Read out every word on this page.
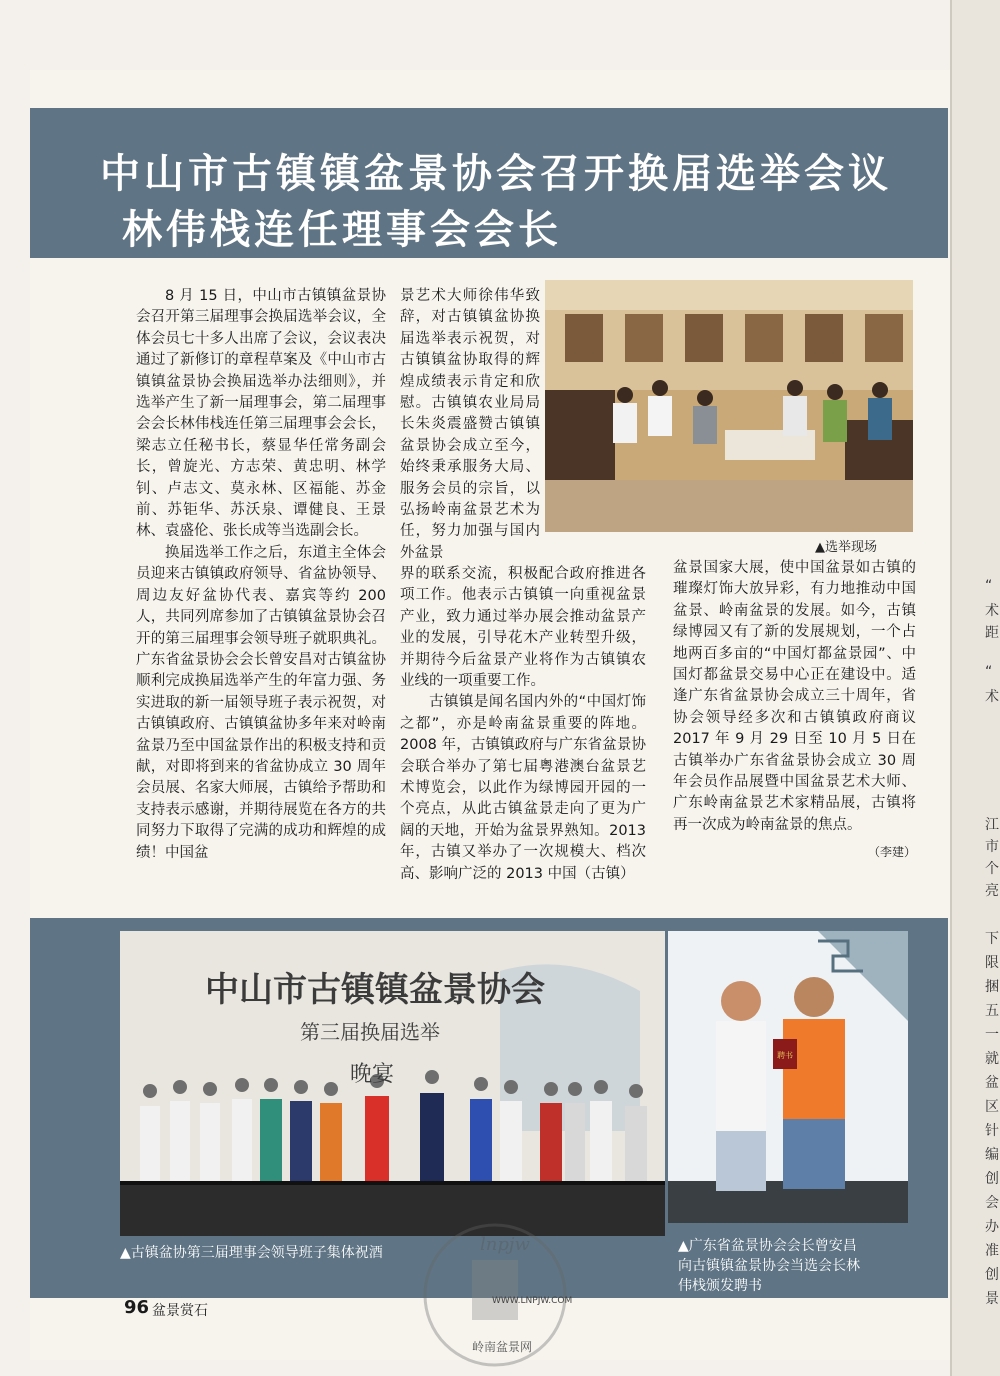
中山市古镇镇盆景协会召开换届选举会议
林伟栈连任理事会会长

8 月 15 日，中山市古镇镇盆景协会召开第三届理事会换届选举会议，全体会员七十多人出席了会议，会议表决通过了新修订的章程草案及《中山市古镇镇盆景协会换届选举办法细则》，并选举产生了新一届理事会，第二届理事会会长林伟栈连任第三届理事会会长，梁志立任秘书长，蔡显华任常务副会长，曾旋光、方志荣、黄忠明、林学钊、卢志文、莫永林、区福能、苏金前、苏钜华、苏沃泉、谭健良、王景林、袁盛伦、张长成等当选副会长。

换届选举工作之后，东道主全体会员迎来古镇镇政府领导、省盆协领导、周边友好盆协代表、嘉宾等约 200 人，共同列席参加了古镇镇盆景协会召开的第三届理事会领导班子就职典礼。广东省盆景协会会长曾安昌对古镇盆协顺利完成换届选举产生的年富力强、务实进取的新一届领导班子表示祝贺，对古镇镇政府、古镇镇盆协多年来对岭南盆景乃至中国盆景作出的积极支持和贡献，对即将到来的省盆协成立 30 周年会员展、名家大师展，古镇给予帮助和支持表示感谢，并期待展览在各方的共同努力下取得了完满的成功和辉煌的成绩！中国盆

景艺术大师徐伟华致辞，对古镇镇盆协换届选举表示祝贺，对古镇镇盆协取得的辉煌成绩表示肯定和欣慰。古镇镇农业局局长朱炎震盛赞古镇镇盆景协会成立至今，始终秉承服务大局、服务会员的宗旨，以弘扬岭南盆景艺术为任，努力加强与国内外盆景

界的联系交流，积极配合政府推进各项工作。他表示古镇镇一向重视盆景产业，致力通过举办展会推动盆景产业的发展，引导花木产业转型升级，并期待今后盆景产业将作为古镇镇农业线的一项重要工作。

古镇镇是闻名国内外的“中国灯饰之都”，亦是岭南盆景重要的阵地。2008 年，古镇镇政府与广东省盆景协会联合举办了第七届粤港澳台盆景艺术博览会，以此作为绿博园开园的一个亮点，从此古镇盆景走向了更为广阔的天地，开始为盆景界熟知。2013 年，古镇又举办了一次规模大、档次高、影响广泛的 2013 中国（古镇）

▲选举现场

盆景国家大展，使中国盆景如古镇的璀璨灯饰大放异彩，有力地推动中国盆景、岭南盆景的发展。如今，古镇绿博园又有了新的发展规划，一个占地两百多亩的“中国灯都盆景园”、中国灯都盆景交易中心正在建设中。适逢广东省盆景协会成立三十周年，省协会领导经多次和古镇镇政府商议 2017 年 9 月 29 日至 10 月 5 日在古镇举办广东省盆景协会成立 30 周年会员作品展暨中国盆景艺术大师、广东岭南盆景艺术家精品展，古镇将再一次成为岭南盆景的焦点。

（李建）

中山市古镇镇盆景协会
第三届换届选举
晚宴
▲古镇盆协第三届理事会领导班子集体祝酒
聘书
▲广东省盆景协会会长曾安昌
向古镇镇盆景协会当选会长林
伟栈颁发聘书
96 盆景赏石
lnpjw
WWW.LNPJW.COM
岭南盆景网
“
术
距
“
术
江
市
个
亮
下
限
捆
五
一
就
盆
区
针
编
创
会
办
准
创
景
